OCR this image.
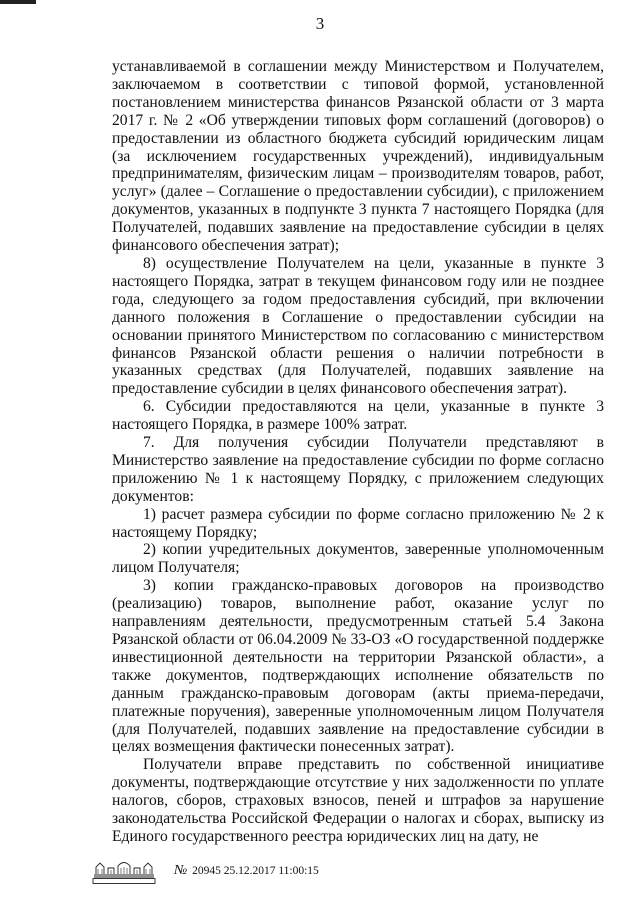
3

устанавливаемой в соглашении между Министерством и Получателем, заключаемом в соответствии с типовой формой, установленной постановлением министерства финансов Рязанской области от 3 марта 2017 г. № 2 «Об утверждении типовых форм соглашений (договоров) о предоставлении из областного бюджета субсидий юридическим лицам (за исключением государственных учреждений), индивидуальным предпринимателям, физическим лицам – производителям товаров, работ, услуг» (далее – Соглашение о предоставлении субсидии), с приложением документов, указанных в подпункте 3 пункта 7 настоящего Порядка (для Получателей, подавших заявление на предоставление субсидии в целях финансового обеспечения затрат);

8) осуществление Получателем на цели, указанные в пункте 3 настоящего Порядка, затрат в текущем финансовом году или не позднее года, следующего за годом предоставления субсидий, при включении данного положения в Соглашение о предоставлении субсидии на основании принятого Министерством по согласованию с министерством финансов Рязанской области решения о наличии потребности в указанных средствах (для Получателей, подавших заявление на предоставление субсидии в целях финансового обеспечения затрат).

6. Субсидии предоставляются на цели, указанные в пункте 3 настоящего Порядка, в размере 100% затрат.

7. Для получения субсидии Получатели представляют в Министерство заявление на предоставление субсидии по форме согласно приложению № 1 к настоящему Порядку, с приложением следующих документов:

1) расчет размера субсидии по форме согласно приложению № 2 к настоящему Порядку;

2) копии учредительных документов, заверенные уполномоченным лицом Получателя;

3) копии гражданско-правовых договоров на производство (реализацию) товаров, выполнение работ, оказание услуг по направлениям деятельности, предусмотренным статьей 5.4 Закона Рязанской области от 06.04.2009 № 33-ОЗ «О государственной поддержке инвестиционной деятельности на территории Рязанской области», а также документов, подтверждающих исполнение обязательств по данным гражданско-правовым договорам (акты приема-передачи, платежные поручения), заверенные уполномоченным лицом Получателя (для Получателей, подавших заявление на предоставление субсидии в целях возмещения фактически понесенных затрат).

Получатели вправе представить по собственной инициативе документы, подтверждающие отсутствие у них задолженности по уплате налогов, сборов, страховых взносов, пеней и штрафов за нарушение законодательства Российской Федерации о налогах и сборах, выписку из Единого государственного реестра юридических лиц на дату, не

№ 20945 25.12.2017 11:00:15
